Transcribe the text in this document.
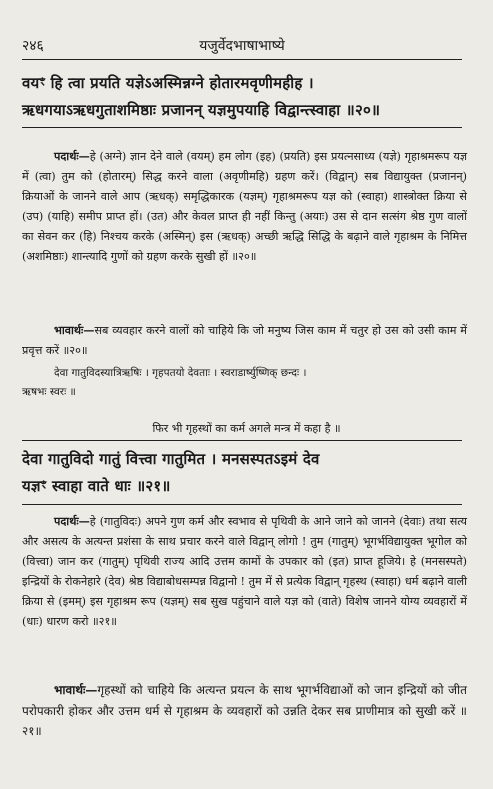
२४६	यजुर्वेदभाषाभाष्ये
वयꣳ हि त्वा प्रयति यज्ञेऽअस्मिन्नग्ने होतारमवृणीमहीह ।
ऋधगयाऽऋधगुताशमिष्ठाः प्रजानन् यज्ञमुपयाहि विद्वान्त्स्वाहा ॥२०॥
पदार्थः—हे (अग्ने) ज्ञान देने वाले (वयम्) हम लोग (इह) (प्रयति) इस प्रयत्नसाध्य (यज्ञे) गृहाश्रमरूप यज्ञ में (त्वा) तुम को (होतारम्) सिद्ध करने वाला (अवृणीमहि) ग्रहण करें। (विद्वान्) सब विद्यायुक्त (प्रजानन्) क्रियाओं के जानने वाले आप (ऋधक्) समृद्धिकारक (यज्ञम्) गृहाश्रमरूप यज्ञ को (स्वाहा) शास्त्रोक्त क्रिया से (उप) (याहि) समीप प्राप्त हों। (उत) और केवल प्राप्त ही नहीं किन्तु (अयाः) उस से दान सत्संग श्रेष्ठ गुण वालों का सेवन कर (हि) निश्चय करके (अस्मिन्) इस (ऋधक्) अच्छी ऋद्धि सिद्धि के बढ़ाने वाले गृहाश्रम के निमित्त (अशमिष्ठाः) शान्त्यादि गुणों को ग्रहण करके सुखी हों ॥२०॥
भावार्थः—सब व्यवहार करने वालों को चाहिये कि जो मनुष्य जिस काम में चतुर हो उस को उसी काम में प्रवृत्त करें ॥२०॥
देवा गातुविदस्यात्रिऋषिः । गृहपतयो देवताः । स्वराडार्ष्युष्णिक् छन्दः ।
ऋषभः स्वरः ॥
फिर भी गृहस्थों का कर्म अगले मन्त्र में कहा है ॥
देवा गातुविदो गातुं वित्त्वा गातुमित । मनसस्पतऽइमं देव
यज्ञꣳ स्वाहा वाते धाः ॥२१॥
पदार्थः—हे (गातुविदः) अपने गुण कर्म और स्वभाव से पृथिवी के आने जाने को जानने (देवाः) तथा सत्य और असत्य के अत्यन्त प्रशंसा के साथ प्रचार करने वाले विद्वान् लोगो ! तुम (गातुम्) भूगर्भविद्यायुक्त भूगोल को (वित्त्वा) जान कर (गातुम्) पृथिवी राज्य आदि उत्तम कामों के उपकार को (इत) प्राप्त हूजिये। हे (मनसस्पते) इन्द्रियों के रोकनेहारे (देव) श्रेष्ठ विद्याबोधसम्पन्न विद्वानो ! तुम में से प्रत्येक विद्वान् गृहस्थ (स्वाहा) धर्म बढ़ाने वाली क्रिया से (इमम्) इस गृहाश्रम रूप (यज्ञम्) सब सुख पहुंचाने वाले यज्ञ को (वाते) विशेष जानने योग्य व्यवहारों में (धाः) धारण करो ॥२१॥
भावार्थः—गृहस्थों को चाहिये कि अत्यन्त प्रयत्न के साथ भूगर्भविद्याओं को जान इन्द्रियों को जीत परोपकारी होकर और उत्तम धर्म से गृहाश्रम के व्यवहारों को उन्नति देकर सब प्राणीमात्र को सुखी करें ॥२१॥
